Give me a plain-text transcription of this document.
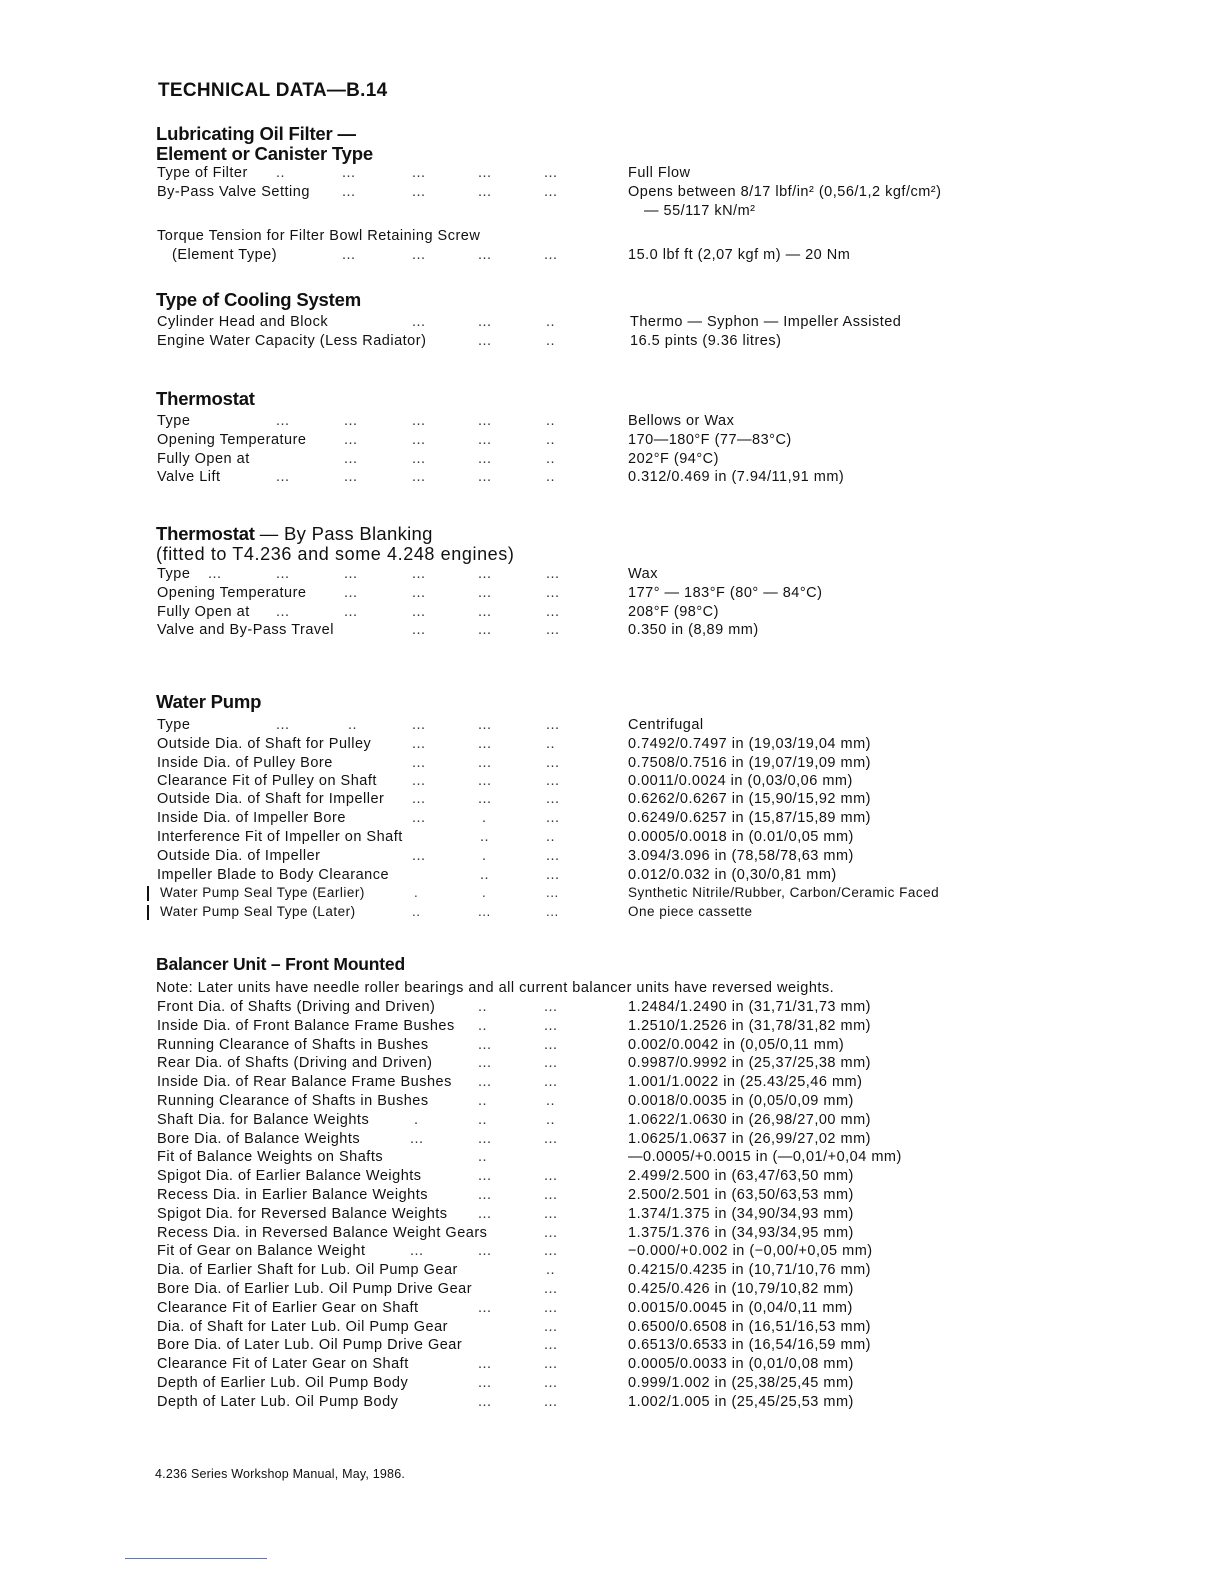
TECHNICAL DATA—B.14
Lubricating Oil Filter —
Element or Canister Type
Type of Filter ..	...	...	...	...	Full Flow
By-Pass Valve Setting ...	...	...	...	Opens between 8/17 lbf/in² (0,56/1,2 kgf/cm²)
— 55/117 kN/m²
Torque Tension for Filter Bowl Retaining Screw
(Element Type)	...	...	...	...	15.0 lbf ft (2,07 kgf m) — 20 Nm
Type of Cooling System
Cylinder Head and Block	...	...	..	Thermo — Syphon — Impeller Assisted
Engine Water Capacity (Less Radiator)	...	..	16.5 pints (9.36 litres)
Thermostat
Type	...	...	...	...	..	Bellows or Wax
Opening Temperature	...	...	...	..	170—180°F (77—83°C)
Fully Open at	...	...	...	..	202°F (94°C)
Valve Lift	...	...	...	...	..	0.312/0.469 in (7.94/11,91 mm)
Thermostat — By Pass Blanking
(fitted to T4.236 and some 4.248 engines)
Type ...	...	...	...	...	...	Wax
Opening Temperature	...	...	...	...	177° — 183°F (80° — 84°C)
Fully Open at ...	...	...	...	...	208°F (98°C)
Valve and By-Pass Travel	...	...	...	0.350 in (8,89 mm)
Water Pump
Type	...	..	...	...	...	Centrifugal
Outside Dia. of Shaft for Pulley	...	...	..	0.7492/0.7497 in (19,03/19,04 mm)
Inside Dia. of Pulley Bore	...	...	...	0.7508/0.7516 in (19,07/19,09 mm)
Clearance Fit of Pulley on Shaft ...	...	...	0.0011/0.0024 in (0,03/0,06 mm)
Outside Dia. of Shaft for Impeller ...	...	...	0.6262/0.6267 in (15,90/15,92 mm)
Inside Dia. of Impeller Bore	...	.	...	0.6249/0.6257 in (15,87/15,89 mm)
Interference Fit of Impeller on Shaft	..	..	0.0005/0.0018 in (0.01/0,05 mm)
Outside Dia. of Impeller	...	.	...	3.094/3.096 in (78,58/78,63 mm)
Impeller Blade to Body Clearance	..	...	0.012/0.032 in (0,30/0,81 mm)
Water Pump Seal Type (Earlier)	.	.	...	Synthetic Nitrile/Rubber, Carbon/Ceramic Faced
Water Pump Seal Type (Later)	..	...	...	One piece cassette
Balancer Unit – Front Mounted
Note: Later units have needle roller bearings and all current balancer units have reversed weights.
Front Dia. of Shafts (Driving and Driven)	..	...	1.2484/1.2490 in (31,71/31,73 mm)
Inside Dia. of Front Balance Frame Bushes ..	...	1.2510/1.2526 in (31,78/31,82 mm)
Running Clearance of Shafts in Bushes	...	...	0.002/0.0042 in (0,05/0,11 mm)
Rear Dia. of Shafts (Driving and Driven)	...	...	0.9987/0.9992 in (25,37/25,38 mm)
Inside Dia. of Rear Balance Frame Bushes ...	...	1.001/1.0022 in (25.43/25,46 mm)
Running Clearance of Shafts in Bushes	..	..	0.0018/0.0035 in (0,05/0,09 mm)
Shaft Dia. for Balance Weights	.	..	..	1.0622/1.0630 in (26,98/27,00 mm)
Bore Dia. of Balance Weights	...	...	...	1.0625/1.0637 in (26,99/27,02 mm)
Fit of Balance Weights on Shafts	..	—0.0005/+0.0015 in (—0,01/+0,04 mm)
Spigot Dia. of Earlier Balance Weights	...	...	2.499/2.500 in (63,47/63,50 mm)
Recess Dia. in Earlier Balance Weights	...	...	2.500/2.501 in (63,50/63,53 mm)
Spigot Dia. for Reversed Balance Weights ...	...	1.374/1.375 in (34,90/34,93 mm)
Recess Dia. in Reversed Balance Weight Gears	...	1.375/1.376 in (34,93/34,95 mm)
Fit of Gear on Balance Weight	...	...	...	−0.000/+0.002 in (−0,00/+0,05 mm)
Dia. of Earlier Shaft for Lub. Oil Pump Gear	..	0.4215/0.4235 in (10,71/10,76 mm)
Bore Dia. of Earlier Lub. Oil Pump Drive Gear	...	0.425/0.426 in (10,79/10,82 mm)
Clearance Fit of Earlier Gear on Shaft	...	...	0.0015/0.0045 in (0,04/0,11 mm)
Dia. of Shaft for Later Lub. Oil Pump Gear	...	0.6500/0.6508 in (16,51/16,53 mm)
Bore Dia. of Later Lub. Oil Pump Drive Gear	...	0.6513/0.6533 in (16,54/16,59 mm)
Clearance Fit of Later Gear on Shaft	...	...	0.0005/0.0033 in (0,01/0,08 mm)
Depth of Earlier Lub. Oil Pump Body	...	...	0.999/1.002 in (25,38/25,45 mm)
Depth of Later Lub. Oil Pump Body	...	...	1.002/1.005 in (25,45/25,53 mm)
4.236 Series Workshop Manual, May, 1986.
